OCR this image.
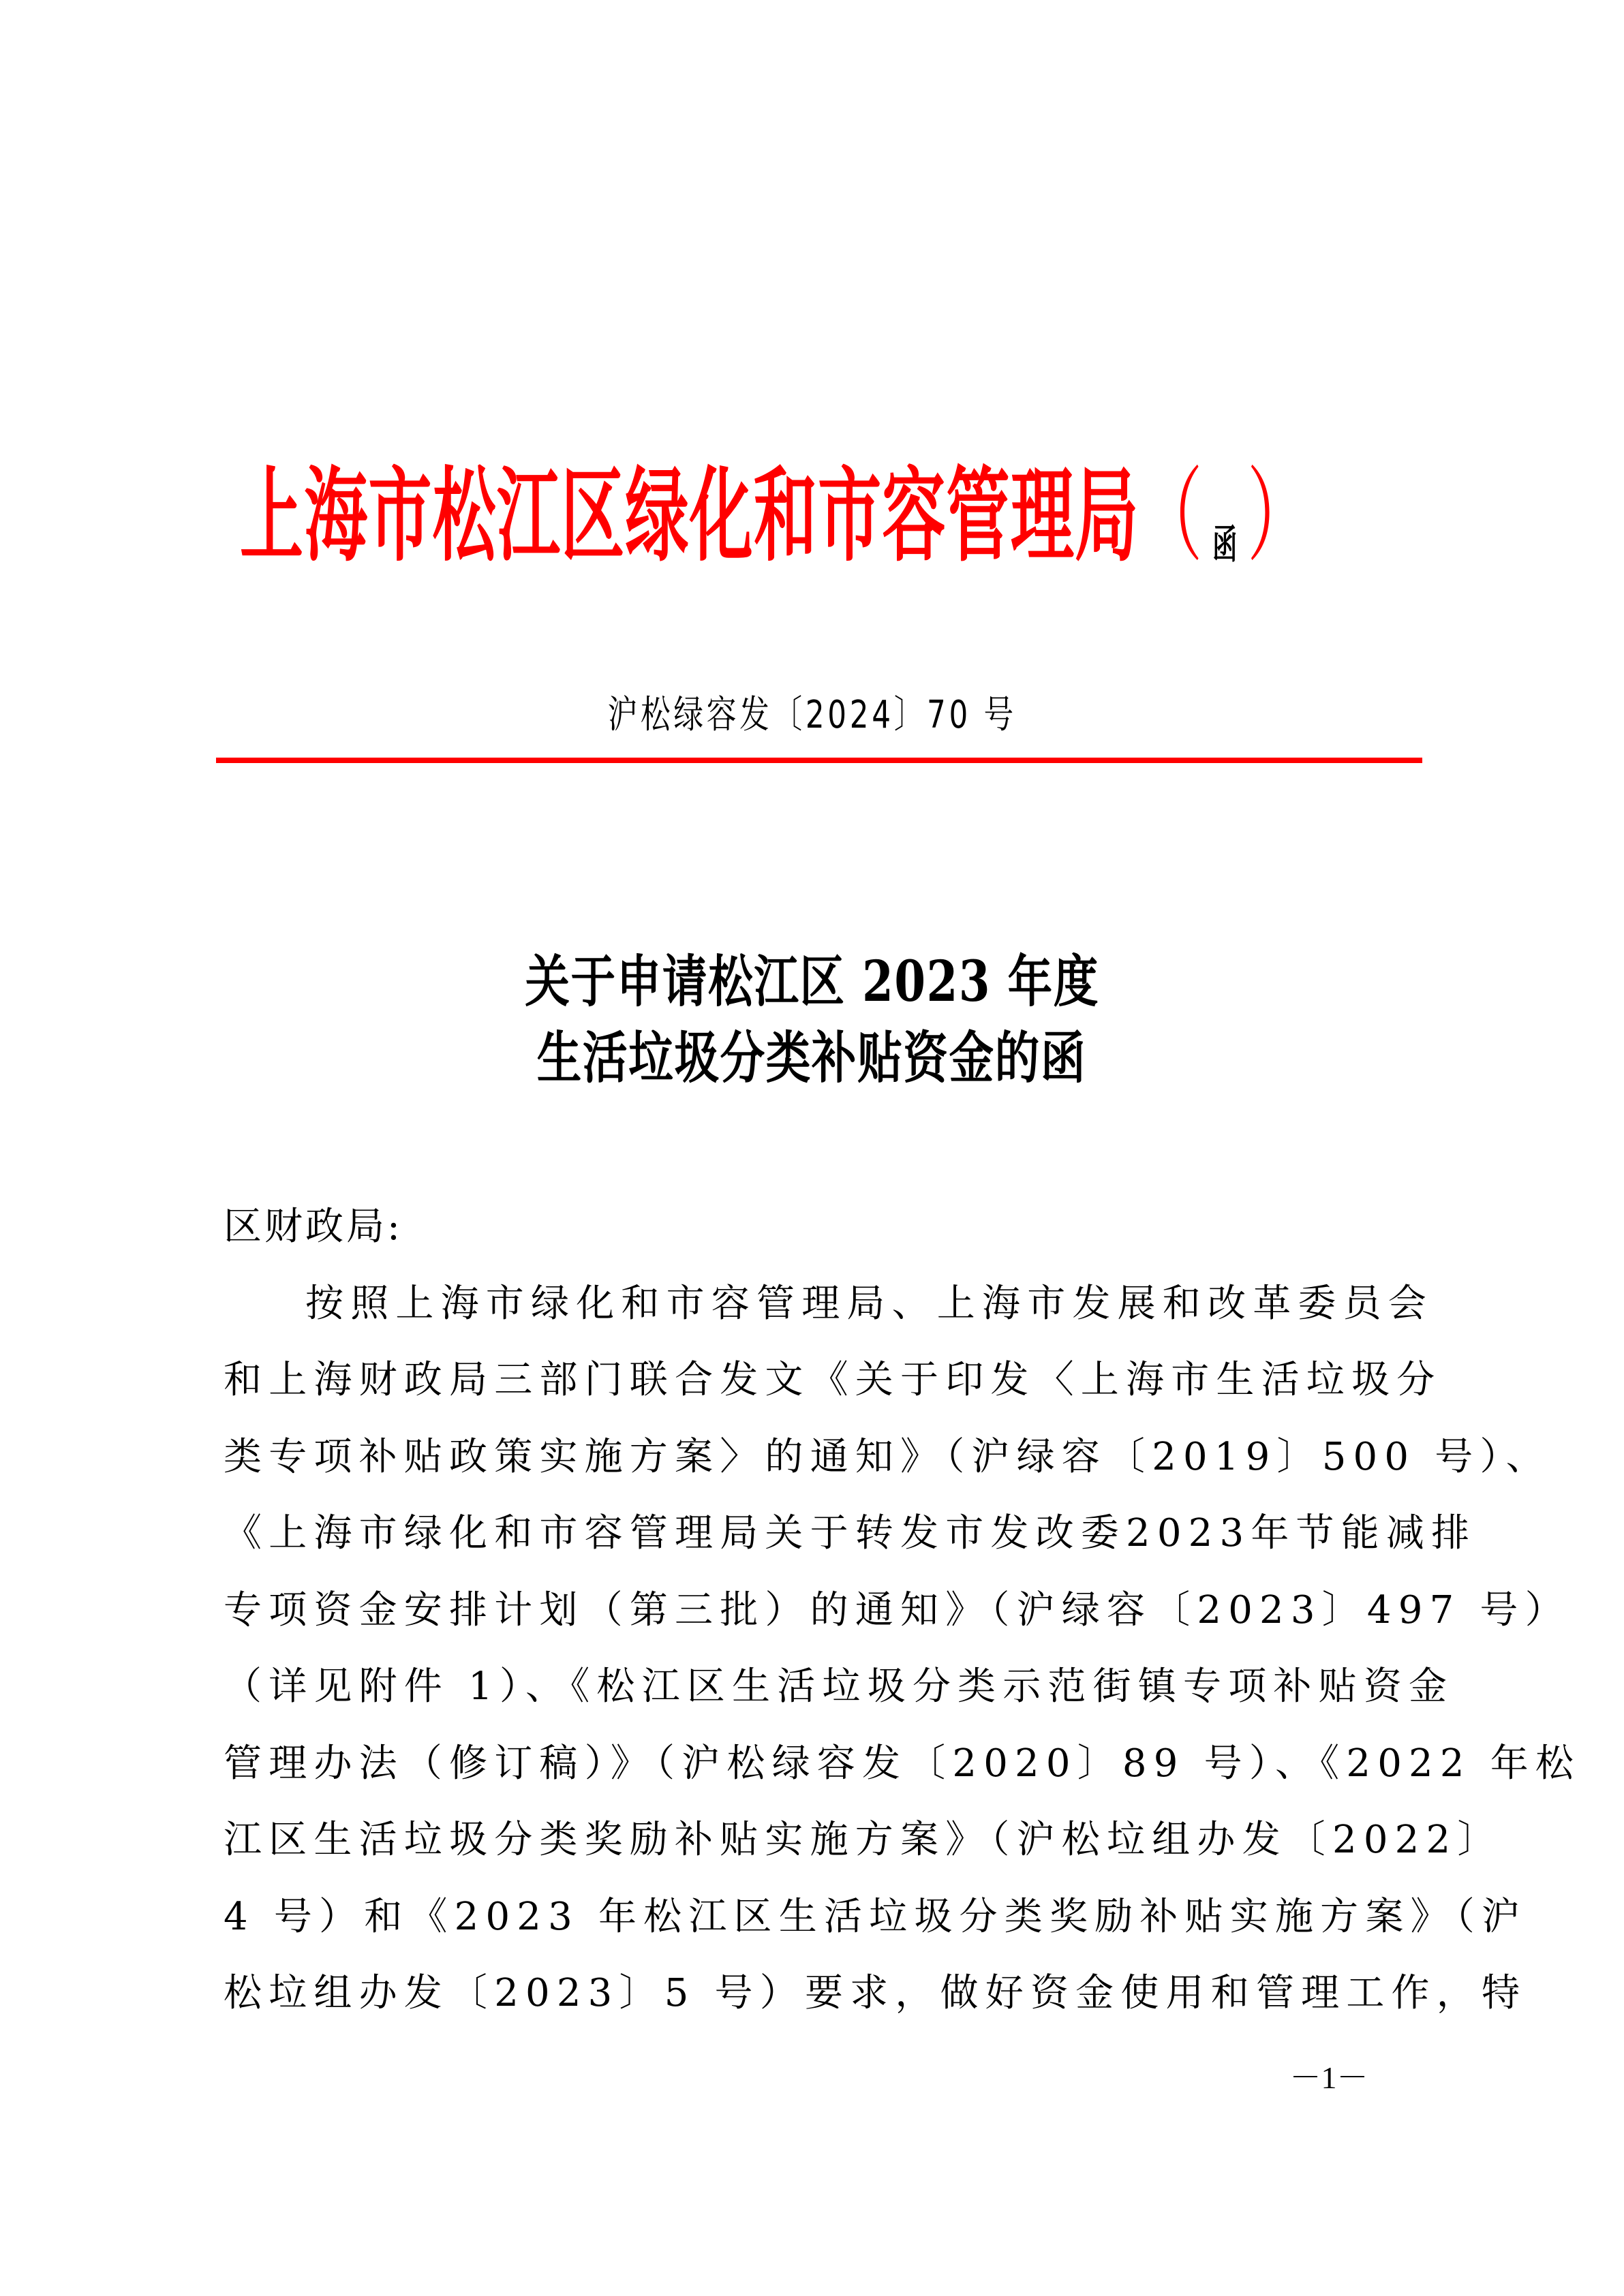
上海市松江区绿化和市容管理局（ 函）
沪松绿容发〔2024〕70 号
关于申请松江区 2023 年度
生活垃圾分类补贴资金的函
区财政局:
按照上海市绿化和市容管理局、上海市发展和改革委员会
和上海财政局三部门联合发文《关于印发〈上海市生活垃圾分
类专项补贴政策实施方案〉的通知》（沪绿容〔2019〕500 号）、
《上海市绿化和市容管理局关于转发市发改委2023年节能减排
专项资金安排计划（第三批）的通知》（沪绿容〔2023〕497 号）
（详见附件 1）、《松江区生活垃圾分类示范街镇专项补贴资金
管理办法（修订稿）》（沪松绿容发〔2020〕89 号）、《2022 年松
江区生活垃圾分类奖励补贴实施方案》（沪松垃组办发〔2022〕
4 号）和《2023 年松江区生活垃圾分类奖励补贴实施方案》（沪
松垃组办发〔2023〕5 号）要求，做好资金使用和管理工作，特
－1－
